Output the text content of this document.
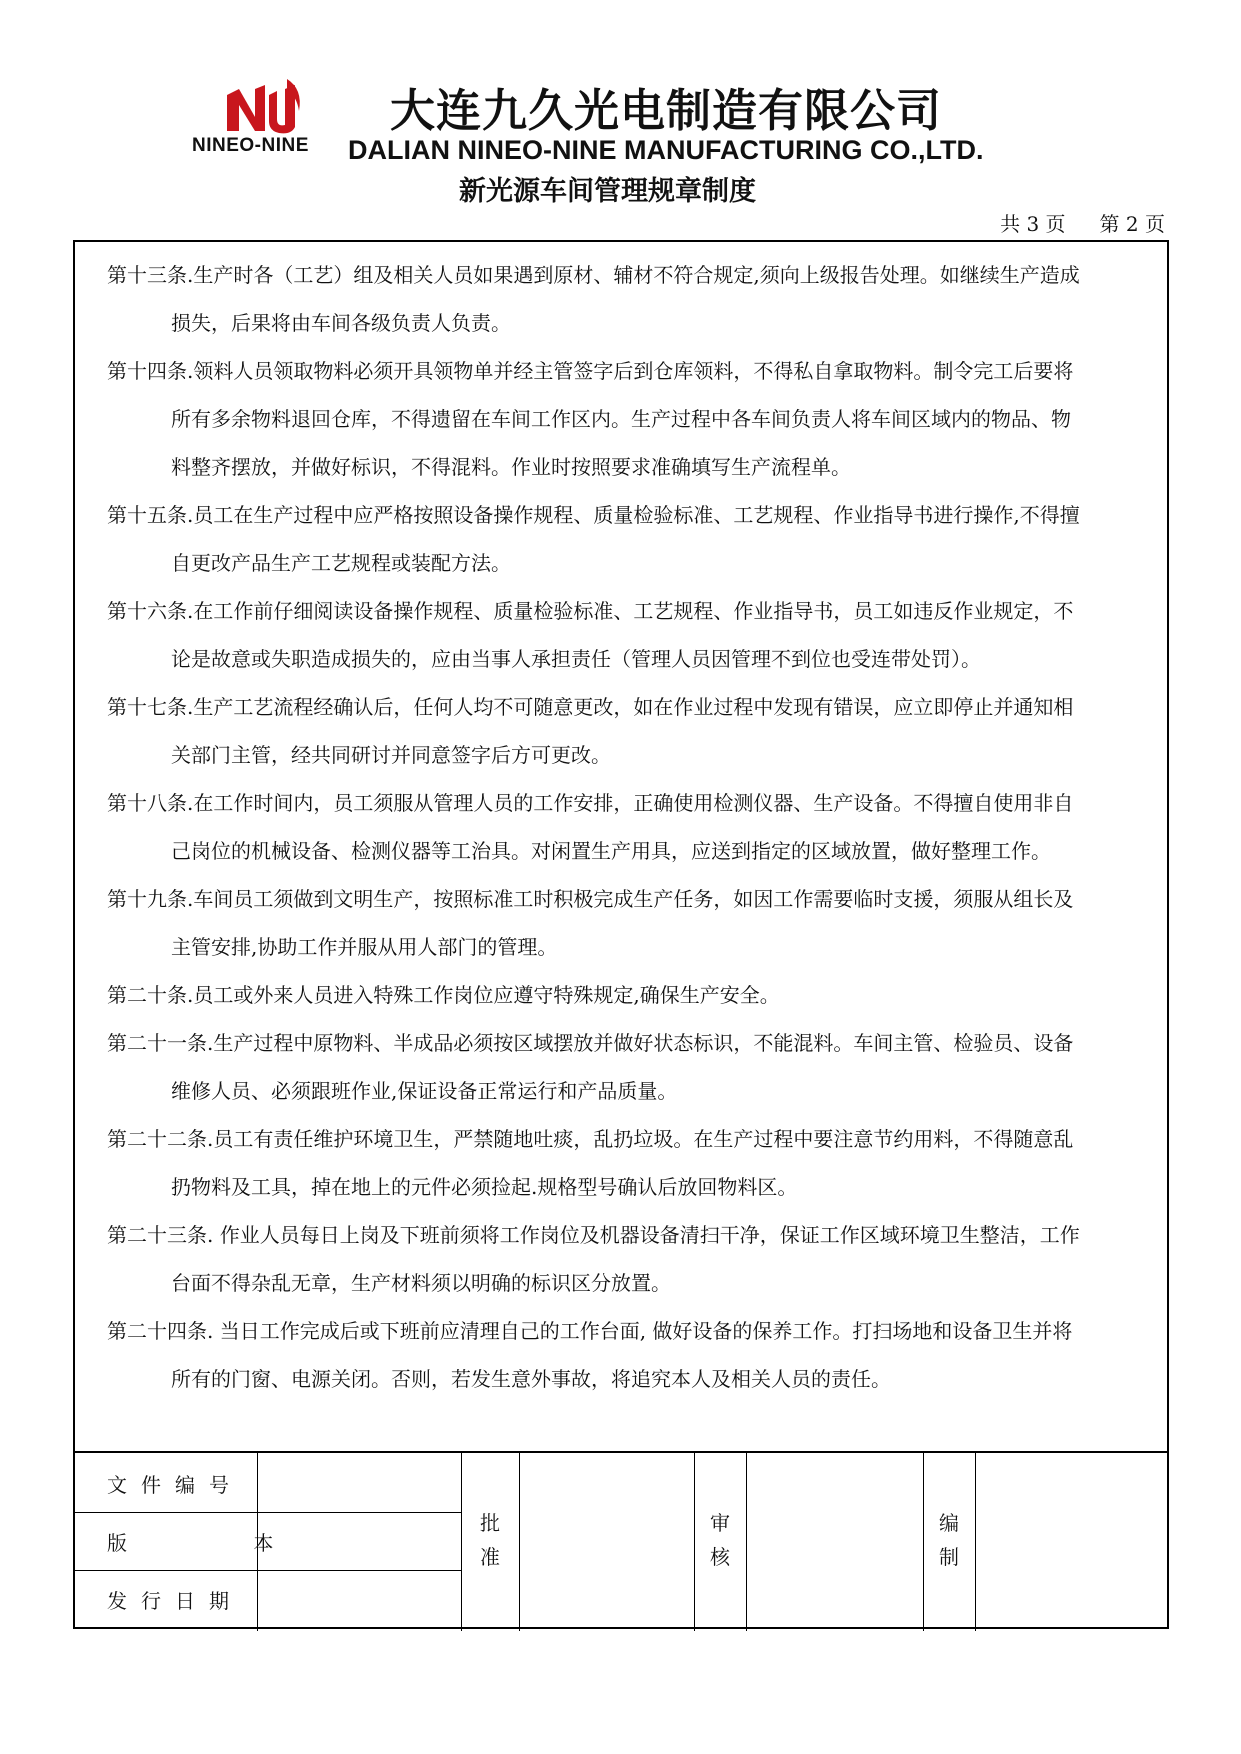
NINEO-NINE
大连九久光电制造有限公司
DALIAN NINEO-NINE MANUFACTURING CO.,LTD.
新光源车间管理规章制度
共 3 页 第 2 页
第十三条.生产时各（工艺）组及相关人员如果遇到原材、辅材不符合规定,须向上级报告处理。如继续生产造成
损失，后果将由车间各级负责人负责。
第十四条.领料人员领取物料必须开具领物单并经主管签字后到仓库领料，不得私自拿取物料。制令完工后要将
所有多余物料退回仓库，不得遗留在车间工作区内。生产过程中各车间负责人将车间区域内的物品、物
料整齐摆放，并做好标识，不得混料。作业时按照要求准确填写生产流程单。
第十五条.员工在生产过程中应严格按照设备操作规程、质量检验标准、工艺规程、作业指导书进行操作,不得擅
自更改产品生产工艺规程或装配方法。
第十六条.在工作前仔细阅读设备操作规程、质量检验标准、工艺规程、作业指导书，员工如违反作业规定，不
论是故意或失职造成损失的，应由当事人承担责任（管理人员因管理不到位也受连带处罚）。
第十七条.生产工艺流程经确认后，任何人均不可随意更改，如在作业过程中发现有错误，应立即停止并通知相
关部门主管，经共同研讨并同意签字后方可更改。
第十八条.在工作时间内，员工须服从管理人员的工作安排，正确使用检测仪器、生产设备。不得擅自使用非自
己岗位的机械设备、检测仪器等工治具。对闲置生产用具，应送到指定的区域放置，做好整理工作。
第十九条.车间员工须做到文明生产，按照标准工时积极完成生产任务，如因工作需要临时支援，须服从组长及
主管安排,协助工作并服从用人部门的管理。
第二十条.员工或外来人员进入特殊工作岗位应遵守特殊规定,确保生产安全。
第二十一条.生产过程中原物料、半成品必须按区域摆放并做好状态标识，不能混料。车间主管、检验员、设备
维修人员、必须跟班作业,保证设备正常运行和产品质量。
第二十二条.员工有责任维护环境卫生，严禁随地吐痰，乱扔垃圾。在生产过程中要注意节约用料，不得随意乱
扔物料及工具，掉在地上的元件必须捡起.规格型号确认后放回物料区。
第二十三条. 作业人员每日上岗及下班前须将工作岗位及机器设备清扫干净，保证工作区域环境卫生整洁，工作
台面不得杂乱无章，生产材料须以明确的标识区分放置。
第二十四条. 当日工作完成后或下班前应清理自己的工作台面, 做好设备的保养工作。打扫场地和设备卫生并将
所有的门窗、电源关闭。否则，若发生意外事故，将追究本人及相关人员的责任。
文件编号
版 本
发行日期
批
准
审
核
编
制
